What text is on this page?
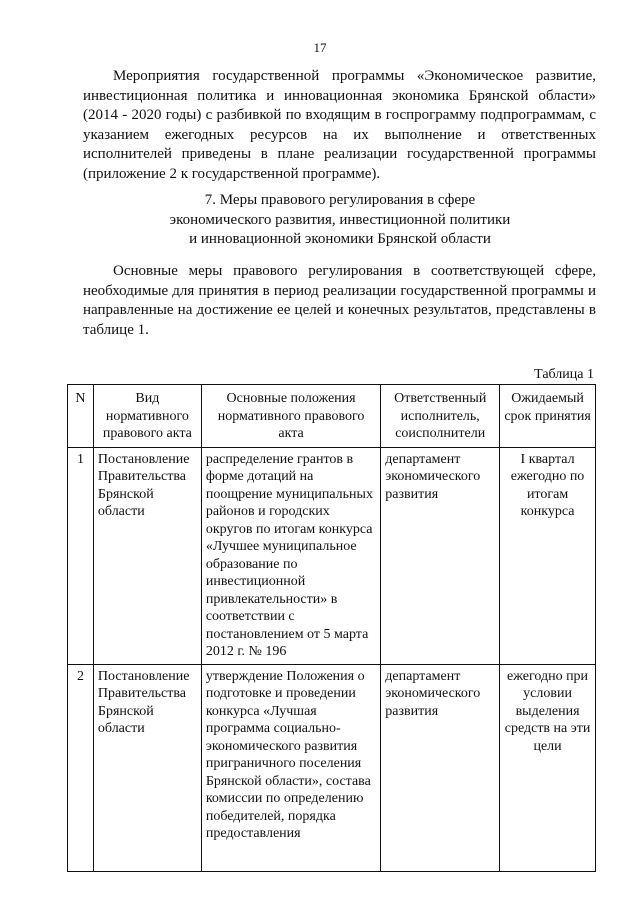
17

Мероприятия государственной программы «Экономическое развитие, инвестиционная политика и инновационная экономика Брянской области» (2014 - 2020 годы) с разбивкой по входящим в госпрограмму подпрограммам, с указанием ежегодных ресурсов на их выполнение и ответственных исполнителей приведены в плане реализации государственной программы (приложение 2 к государственной программе).

7. Меры правового регулирования в сфере
экономического развития, инвестиционной политики
и инновационной экономики Брянской области

Основные меры правового регулирования в соответствующей сфере, необходимые для принятия в период реализации государственной программы и направленные на достижение ее целей и конечных результатов, представлены в таблице 1.

Таблица 1
N	Вид нормативного правового акта	Основные положения нормативного правового акта	Ответственный исполнитель, соисполнители	Ожидаемый срок принятия
1	Постановление Правительства Брянской области	распределение грантов в форме дотаций на поощрение муниципальных районов и городских округов по итогам конкурса «Лучшее муниципальное образование по инвестиционной привлекательности» в соответствии с постановлением от 5 марта 2012 г. № 196	департамент экономического развития	I квартал ежегодно по итогам конкурса
2	Постановление Правительства Брянской области	утверждение Положения о подготовке и проведении конкурса «Лучшая программа социально-экономического развития приграничного поселения Брянской области», состава комиссии по определению победителей, порядка предоставления	департамент экономического развития	ежегодно при условии выделения средств на эти цели
